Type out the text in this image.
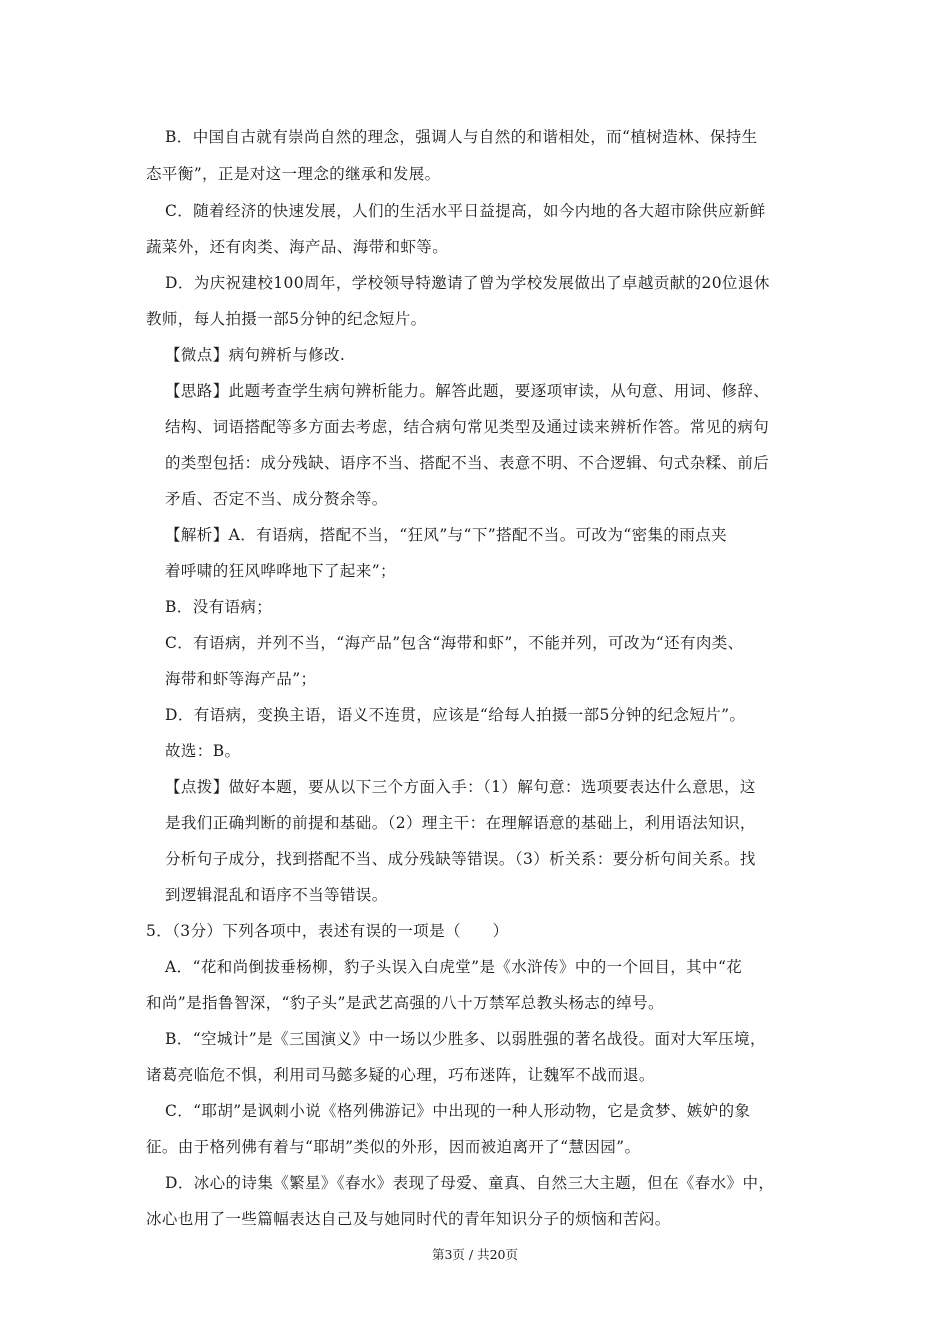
B．中国自古就有崇尚自然的理念，强调人与自然的和谐相处，而“植树造林、保持生
态平衡”，正是对这一理念的继承和发展。
C．随着经济的快速发展，人们的生活水平日益提高，如今内地的各大超市除供应新鲜
蔬菜外，还有肉类、海产品、海带和虾等。
D．为庆祝建校100周年，学校领导特邀请了曾为学校发展做出了卓越贡献的20位退休
教师，每人拍摄一部5分钟的纪念短片。
【微点】病句辨析与修改.
【思路】此题考查学生病句辨析能力。解答此题，要逐项审读，从句意、用词、修辞、
结构、词语搭配等多方面去考虑，结合病句常见类型及通过读来辨析作答。常见的病句
的类型包括：成分残缺、语序不当、搭配不当、表意不明、不合逻辑、句式杂糅、前后
矛盾、否定不当、成分赘余等。
【解析】A．有语病，搭配不当，“狂风”与“下”搭配不当。可改为“密集的雨点夹
着呼啸的狂风哗哗地下了起来”；
B．没有语病；
C．有语病，并列不当，“海产品”包含“海带和虾”，不能并列，可改为“还有肉类、
海带和虾等海产品”；
D．有语病，变换主语，语义不连贯，应该是“给每人拍摄一部5分钟的纪念短片”。
故选：B。
【点拨】做好本题，要从以下三个方面入手：（1）解句意：选项要表达什么意思，这
是我们正确判断的前提和基础。（2）理主干：在理解语意的基础上，利用语法知识，
分析句子成分，找到搭配不当、成分残缺等错误。（3）析关系：要分析句间关系。找
到逻辑混乱和语序不当等错误。
5．（3分）下列各项中，表述有误的一项是（　　）
A．“花和尚倒拔垂杨柳，豹子头误入白虎堂”是《水浒传》中的一个回目，其中“花
和尚”是指鲁智深，“豹子头”是武艺高强的八十万禁军总教头杨志的绰号。
B．“空城计”是《三国演义》中一场以少胜多、以弱胜强的著名战役。面对大军压境，
诸葛亮临危不惧，利用司马懿多疑的心理，巧布迷阵，让魏军不战而退。
C．“耶胡”是讽刺小说《格列佛游记》中出现的一种人形动物，它是贪梦、嫉妒的象
征。由于格列佛有着与“耶胡”类似的外形，因而被迫离开了“慧因园”。
D．冰心的诗集《繁星》《春水》表现了母爱、童真、自然三大主题，但在《春水》中，
冰心也用了一些篇幅表达自己及与她同时代的青年知识分子的烦恼和苦闷。
第3页 / 共20页
